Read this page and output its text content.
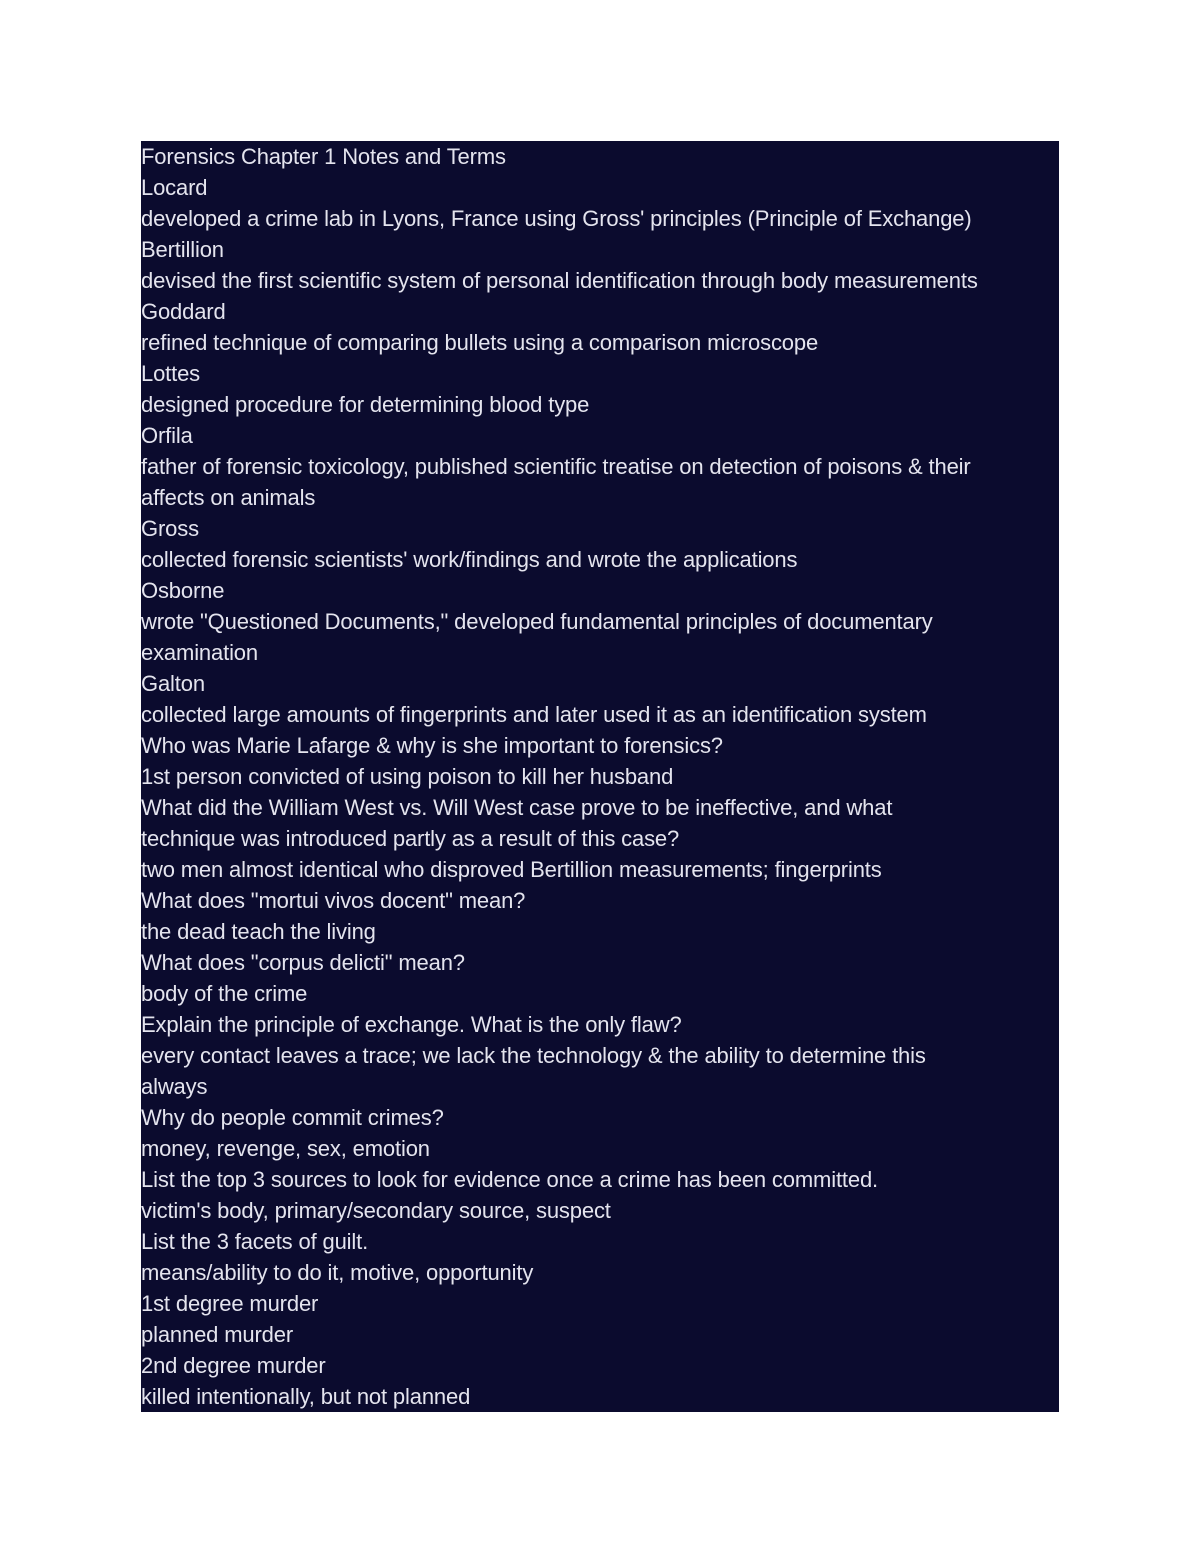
Forensics Chapter 1 Notes and Terms
Locard
developed a crime lab in Lyons, France using Gross' principles (Principle of Exchange)
Bertillion
devised the first scientific system of personal identification through body measurements
Goddard
refined technique of comparing bullets using a comparison microscope
Lottes
designed procedure for determining blood type
Orfila
father of forensic toxicology, published scientific treatise on detection of poisons & their
affects on animals
Gross
collected forensic scientists' work/findings and wrote the applications
Osborne
wrote "Questioned Documents," developed fundamental principles of documentary
examination
Galton
collected large amounts of fingerprints and later used it as an identification system
Who was Marie Lafarge & why is she important to forensics?
1st person convicted of using poison to kill her husband
What did the William West vs. Will West case prove to be ineffective, and what
technique was introduced partly as a result of this case?
two men almost identical who disproved Bertillion measurements; fingerprints
What does "mortui vivos docent" mean?
the dead teach the living
What does "corpus delicti" mean?
body of the crime
Explain the principle of exchange. What is the only flaw?
every contact leaves a trace; we lack the technology & the ability to determine this
always
Why do people commit crimes?
money, revenge, sex, emotion
List the top 3 sources to look for evidence once a crime has been committed.
victim's body, primary/secondary source, suspect
List the 3 facets of guilt.
means/ability to do it, motive, opportunity
1st degree murder
planned murder
2nd degree murder
killed intentionally, but not planned
